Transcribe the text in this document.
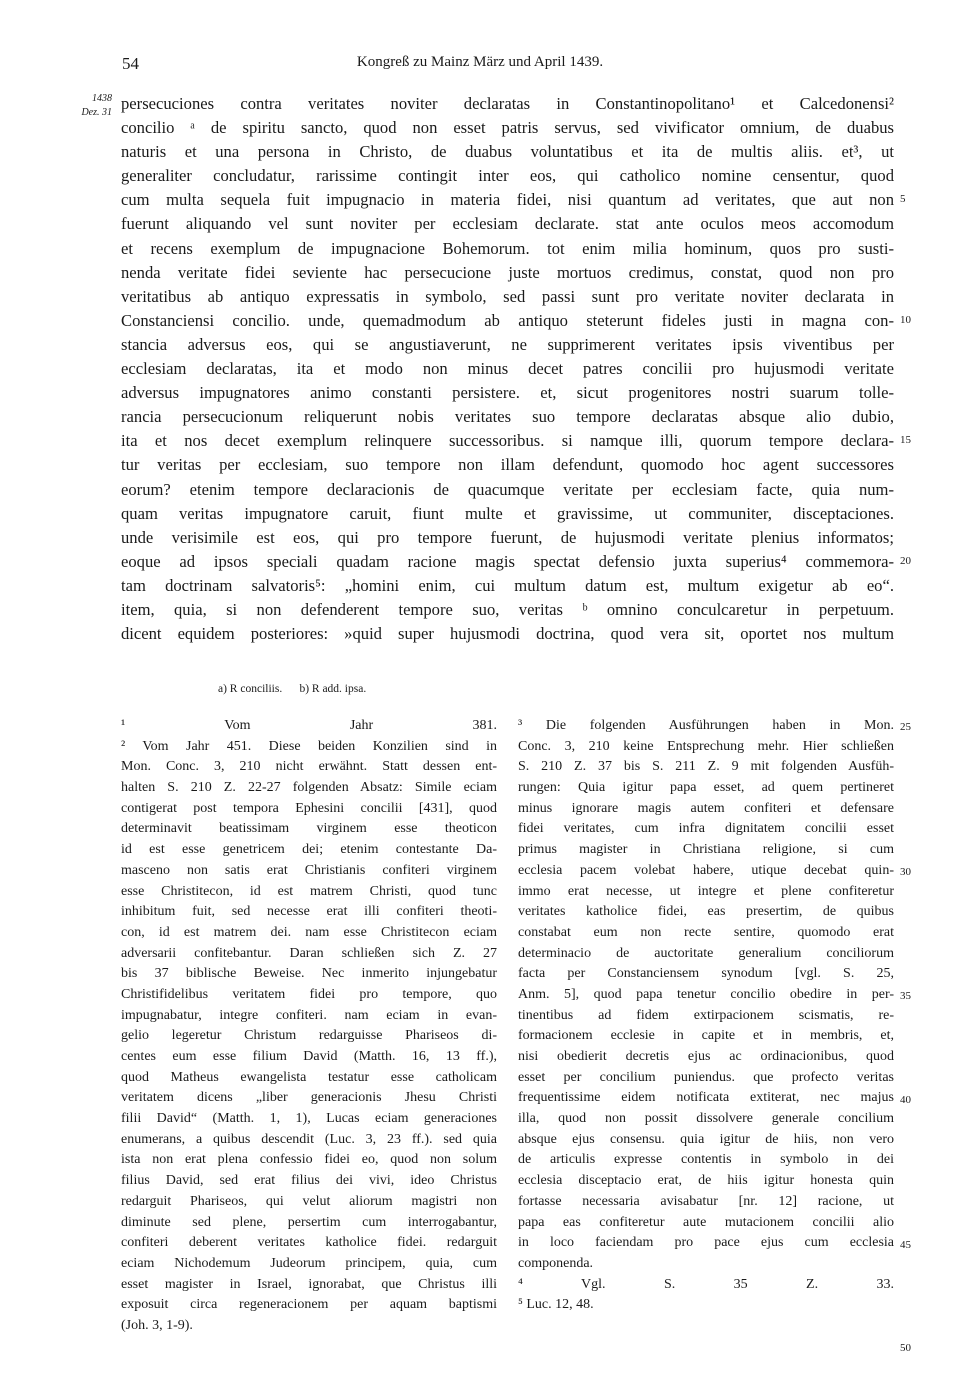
54	Kongreß zu Mainz März und April 1439.
1438
Dez. 31 persecuciones contra veritates noviter declaratas in Constantinopolitano¹ et Calcedonensi²
concilio ᵃ de spiritu sancto, quod non esset patris servus, sed vivificator omnium, de duabus
naturis et una persona in Christo, de duabus voluntatibus et ita de multis aliis. et³, ut
generaliter concludatur, rarissime contingit inter eos, qui catholico nomine censentur, quod
cum multa sequela fuit impugnacio in materia fidei, nisi quantum ad veritates, que aut non
fuerunt aliquando vel sunt noviter per ecclesiam declarate. stat ante oculos meos accomodum
et recens exemplum de impugnacione Bohemorum. tot enim milia hominum, quos pro susti-
nenda veritate fidei seviente hac persecucione juste mortuos credimus, constat, quod non pro
veritatibus ab antiquo expressatis in symbolo, sed passi sunt pro veritate noviter declarata in
Constanciensi concilio. unde, quemadmodum ab antiquo steterunt fideles justi in magna con-
stancia adversus eos, qui se angustiaverunt, ne supprimerent veritates ipsis viventibus per
ecclesiam declaratas, ita et modo non minus decet patres concilii pro hujusmodi veritate
adversus impugnatores animo constanti persistere. et, sicut progenitores nostri suarum tolle-
rancia persecucionum reliquerunt nobis veritates suo tempore declaratas absque alio dubio,
ita et nos decet exemplum relinquere successoribus. si namque illi, quorum tempore declara-
tur veritas per ecclesiam, suo tempore non illam defendunt, quomodo hoc agent successores
eorum? etenim tempore declaracionis de quacumque veritate per ecclesiam facte, quia num-
quam veritas impugnatore caruit, fiunt multe et gravissime, ut communiter, disceptaciones.
unde verisimile est eos, qui pro tempore fuerunt, de hujusmodi veritate plenius informatos;
eoque ad ipsos speciali quadam racione magis spectat defensio juxta superius⁴ commemora-
tam doctrinam salvatoris⁵: „homini enim, cui multum datum est, multum exigetur ab eo“.
item, quia, si non defenderent tempore suo, veritas ᵇ omnino conculcaretur in perpetuum.
dicent equidem posteriores: »quid super hujusmodi doctrina, quod vera sit, oportet nos multum
5
10
15
20
a) R conciliis. b) R add. ipsa.
¹ Vom Jahr 381.
² Vom Jahr 451. Diese beiden Konzilien sind in
Mon. Conc. 3, 210 nicht erwähnt. Statt dessen ent-
halten S. 210 Z. 22-27 folgenden Absatz: Simile eciam
contigerat post tempora Ephesini concilii [431], quod
determinavit beatissimam virginem esse theoticon
id est esse genetricem dei; etenim contestante Da-
masceno non satis erat Christianis confiteri virginem
esse Christitecon, id est matrem Christi, quod tunc
inhibitum fuit, sed necesse erat illi confiteri theoti-
con, id est matrem dei. nam esse Christitecon eciam
adversarii confitebantur. Daran schließen sich Z. 27
bis 37 biblische Beweise. Nec inmerito injungebatur
Christifidelibus veritatem fidei pro tempore, quo
impugnabatur, integre confiteri. nam eciam in evan-
gelio legeretur Christum redarguisse Phariseos di-
centes eum esse filium David (Matth. 16, 13 ff.),
quod Matheus ewangelista testatur esse catholicam
veritatem dicens „liber generacionis Jhesu Christi
filii David“ (Matth. 1, 1), Lucas eciam generaciones
enumerans, a quibus descendit (Luc. 3, 23 ff.). sed quia
ista non erat plena confessio fidei eo, quod non solum
filius David, sed erat filius dei vivi, ideo Christus
redarguit Phariseos, qui velut aliorum magistri non
diminute sed plene, persertim cum interrogabantur,
confiteri deberent veritates katholice fidei. redarguit
eciam Nichodemum Judeorum principem, quia, cum
esset magister in Israel, ignorabat, que Christus illi
exposuit circa regeneracionem per aquam baptismi
(Joh. 3, 1-9).
³ Die folgenden Ausführungen haben in Mon.
Conc. 3, 210 keine Entsprechung mehr. Hier schließen
S. 210 Z. 37 bis S. 211 Z. 9 mit folgenden Ausfüh-
rungen: Quia igitur papa esset, ad quem pertineret
minus ignorare magis autem confiteri et defensare
fidei veritates, cum infra dignitatem concilii esset
primus magister in Christiana religione, si cum
ecclesia pacem volebat habere, utique decebat quin-
immo erat necesse, ut integre et plene confiteretur
veritates katholice fidei, eas presertim, de quibus
constabat eum non recte sentire, quomodo erat
determinacio de auctoritate generalium conciliorum
facta per Constanciensem synodum [vgl. S. 25,
Anm. 5], quod papa tenetur concilio obedire in per-
tinentibus ad fidem extirpacionem scismatis, re-
formacionem ecclesie in capite et in membris, et,
nisi obedierit decretis ejus ac ordinacionibus, quod
esset per concilium puniendus. que profecto veritas
frequentissime eidem notificata extiterat, nec majus
illa, quod non possit dissolvere generale concilium
absque ejus consensu. quia igitur de hiis, non vero
de articulis expresse contentis in symbolo in dei
ecclesia disceptacio erat, de hiis igitur honesta quin
fortasse necessaria avisabatur [nr. 12] racione, ut
papa eas confiteretur aute mutacionem concilii alio
in loco faciendam pro pace ejus cum ecclesia
componenda.
⁴ Vgl. S. 35 Z. 33.
⁵ Luc. 12, 48.
25
30
35
40
45
50
